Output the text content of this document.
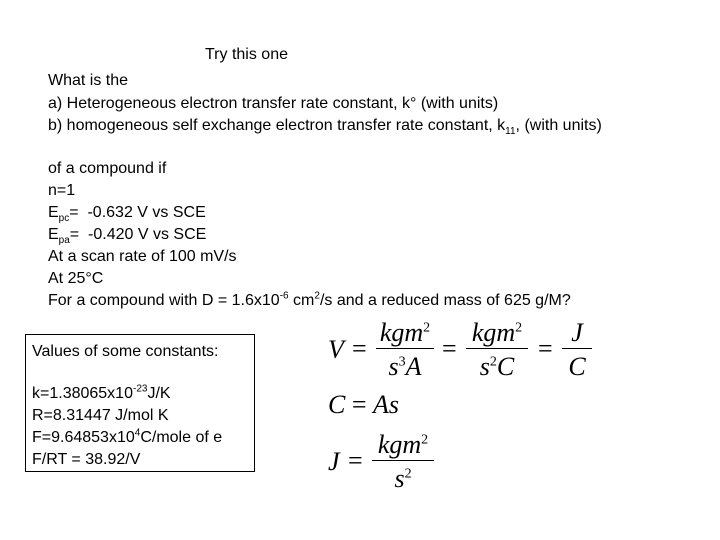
Try this one
What is the
a) Heterogeneous electron transfer rate constant, k° (with units)
b) homogeneous self exchange electron transfer rate constant, $k_{11}$, (with units)
of a compound if
n=1
$E_{pc}= -0.632$ V vs SCE
$E_{pa}= -0.420$ V vs SCE
At a scan rate of 100 mV/s
At 25°C
For a compound with $D = 1.6x10^{-6}$ $cm^2/s$ and a reduced mass of 625 g/M?
Values of some constants:
$k=1.38065x10^{-23}J/K$
R=8.31447 J/mol K
$F=9.64853x10^4C$/mole of e
F/RT = 38.92/V
V =
kgm$^2$
$s^3A$
=
kgm$^2$
$s^2C$
=
J
C
C = As
J =
kgm$^2$
$s^2$
